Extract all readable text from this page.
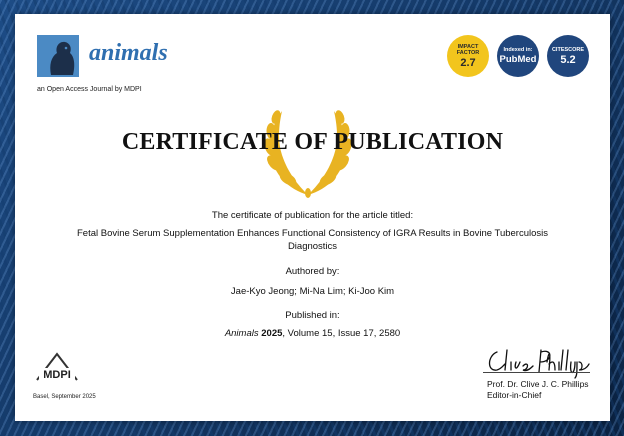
animals
an Open Access Journal by MDPI
IMPACT FACTOR
2.7
Indexed in:
PubMed
CITESCORE
5.2
CERTIFICATE OF PUBLICATION
The certificate of publication for the article titled:
Fetal Bovine Serum Supplementation Enhances Functional Consistency of IGRA Results in Bovine Tuberculosis Diagnostics
Authored by:
Jae-Kyo Jeong; Mi-Na Lim; Ki-Joo Kim
Published in:
Animals 2025, Volume 15, Issue 17, 2580
MDPI
Basel, September 2025
Prof. Dr. Clive J. C. Phillips
Editor-in-Chief
